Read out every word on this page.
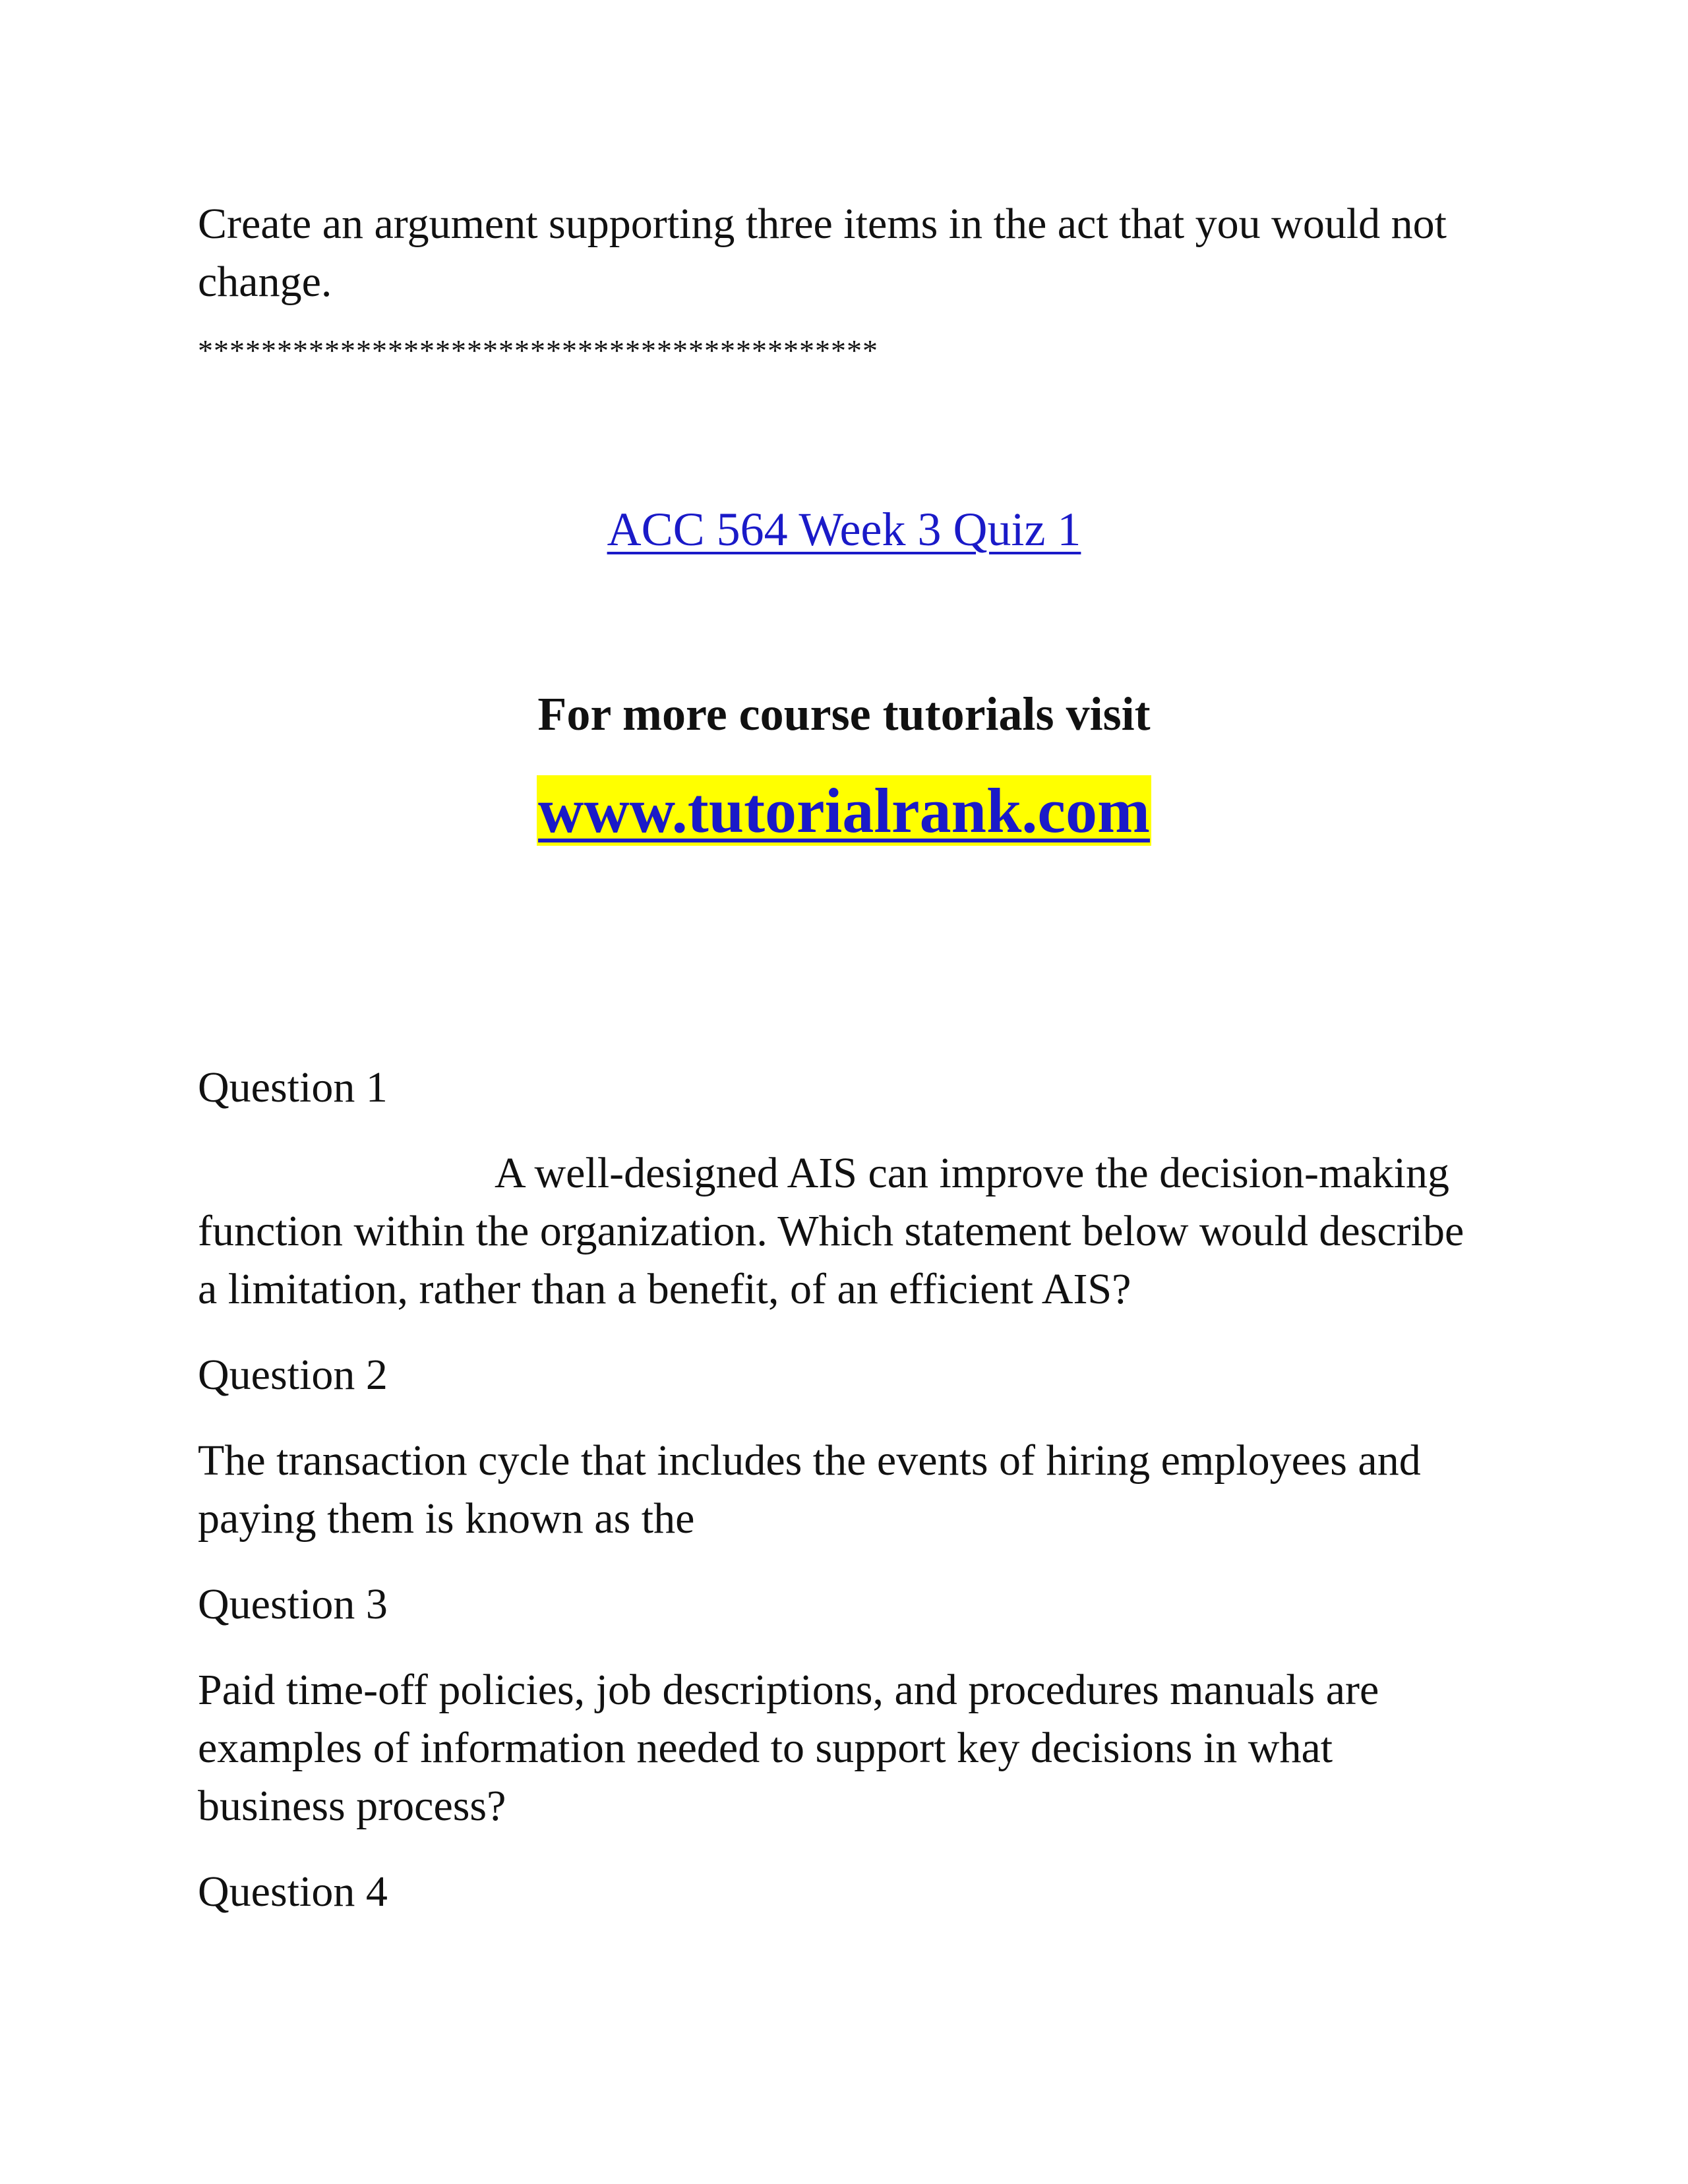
Create an argument supporting three items in the act that you would not
change.

*******************************************

ACC 564 Week 3 Quiz 1

For more course tutorials visit

www.tutorialrank.com

Question 1

A well-designed AIS can improve the decision-making
function within the organization. Which statement below would describe
a limitation, rather than a benefit, of an efficient AIS?

Question 2

The transaction cycle that includes the events of hiring employees and
paying them is known as the

Question 3

Paid time-off policies, job descriptions, and procedures manuals are
examples of information needed to support key decisions in what
business process?

Question 4
